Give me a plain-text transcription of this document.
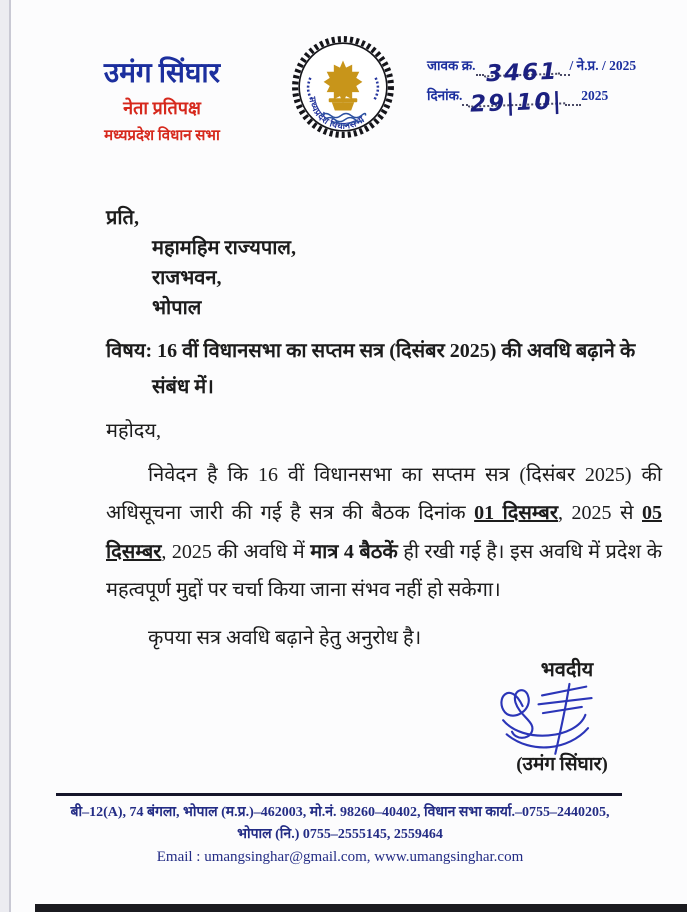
उमंग सिंघार
नेता प्रतिपक्ष
मध्यप्रदेश विधान सभा
मध्यप्रदेश विधानसभा
जावक क्र. 3461 / ने.प्र. / 2025
दिनांक. 29|10| 2025
प्रति,
महामहिम राज्यपाल,
राजभवन,
भोपाल
विषय: 16 वीं विधानसभा का सप्तम सत्र (दिसंबर 2025) की अवधि बढ़ाने के संबंध में।
महोदय,
निवेदन है कि 16 वीं विधानसभा का सप्तम सत्र (दिसंबर 2025) की अधिसूचना जारी की गई है सत्र की बैठक दिनांक 01 दिसम्बर, 2025 से 05 दिसम्बर, 2025 की अवधि में मात्र 4 बैठकें ही रखी गई है। इस अवधि में प्रदेश के महत्वपूर्ण मुद्दों पर चर्चा किया जाना संभव नहीं हो सकेगा।
कृपया सत्र अवधि बढ़ाने हेतु अनुरोध है।
भवदीय
(उमंग सिंघार)
बी–12(A), 74 बंगला, भोपाल (म.प्र.)–462003, मो.नं. 98260–40402, विधान सभा कार्या.–0755–2440205,
भोपाल (नि.) 0755–2555145, 2559464
Email : umangsinghar@gmail.com, www.umangsinghar.com
